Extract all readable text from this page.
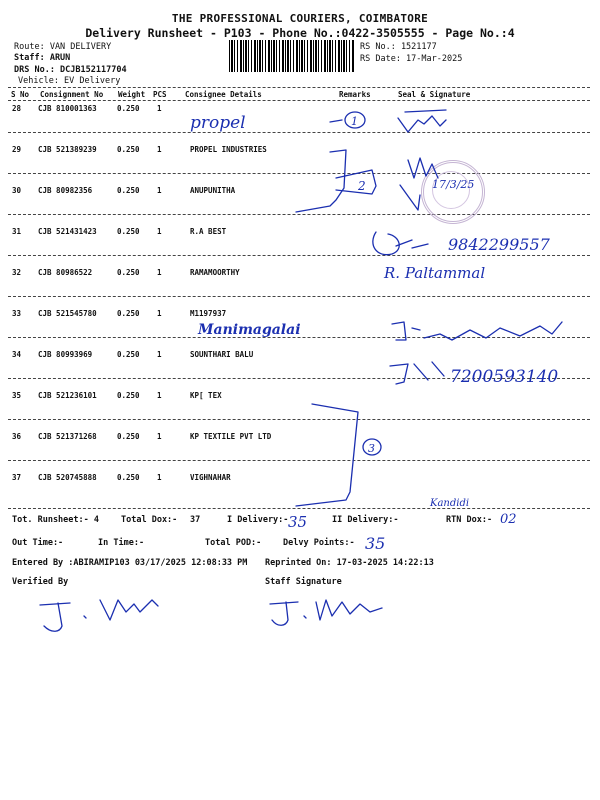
THE PROFESSIONAL COURIERS, COIMBATORE
Delivery Runsheet - P103 - Phone No.:0422-3505555 - Page No.:4
Route: VAN DELIVERY
Staff: ARUN
DRS No.: DCJB152117704
Vehicle: EV Delivery
RS No.: 1521177
RS Date: 17-Mar-2025
S No Consignment No Weight PCS Consignee Details	Remarks	Seal & Signature
28 CJB 810001363	0.250 1
29 CJB 521389239	0.250 1	PROPEL INDUSTRIES
30 CJB 80982356	0.250 1	ANUPUNITHA
31 CJB 521431423	0.250 1	R.A BEST
32 CJB 80986522	0.250 1	RAMAMOORTHY
33 CJB 521545780	0.250 1	M1197937
34 CJB 80993969	0.250 1	SOUNTHARI BALU
35 CJB 521236101	0.250 1	KP[ TEX
36 CJB 521371268	0.250 1	KP TEXTILE PVT LTD
37 CJB 520745888	0.250 1	VIGHNAHAR
Tot. Runsheet:- 4	Total Dox:- 37	I Delivery:-	II Delivery:-	RTN Dox:-
Out Time:-	In Time:-	Total POD:-	Delvy Points:-
Entered By :ABIRAMIP103 03/17/2025 12:08:33 PM Reprinted On: 17-03-2025 14:22:13
Verified By	Staff Signature
propel	1
2	17/3/25
9842299557
R. Paltammal
Manimagalai
7200593140
3
Kandidi
35	02
35
